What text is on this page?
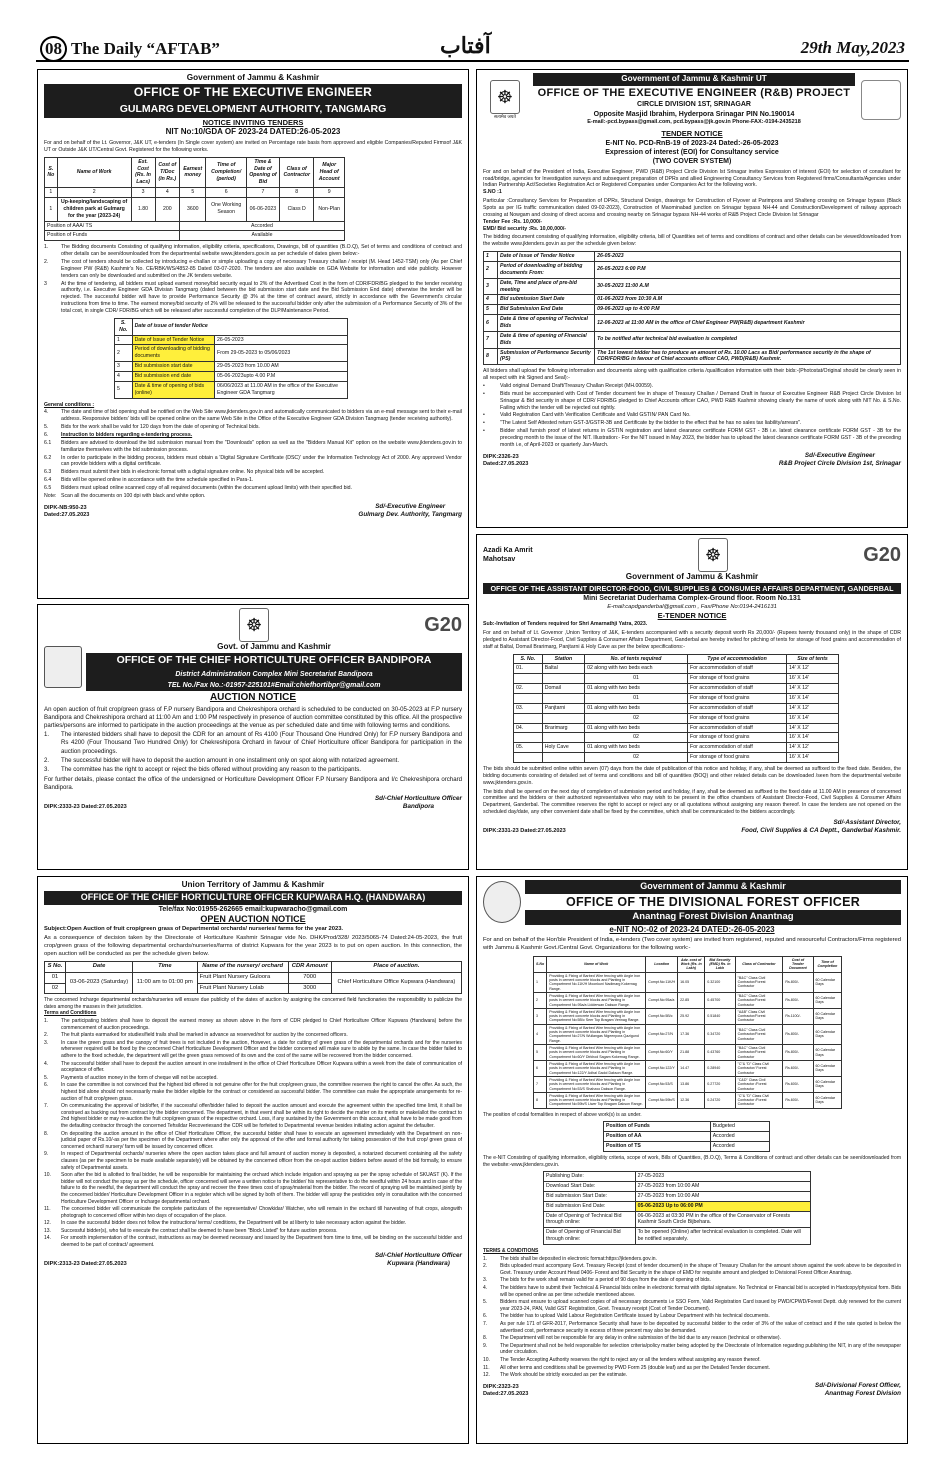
08 The Daily “AFTAB”	آفتاب	29th May,2023
Government of Jammu & Kashmir
OFFICE OF THE EXECUTIVE ENGINEER
GULMARG DEVELOPMENT AUTHORITY, TANGMARG
NOTICE INVITING TENDERS
NIT No:10/GDA OF 2023-24 DATED:26-05-2023
For and on behalf of the Lt. Governor, J&K UT, e-tenders (In Single cover system) are invited on Percentage rate basis from approved and eligible Companies/Reputed Firmsof J&K UT or Outside J&K UT/Central Govt. Registered for the following works.
S. No	Name of Work	Est. Cost (Rs. In Lacs)	Cost of T/Doc (in Rs.)	Earnest money	Time of Completion/ (period)	Time & Date of Opening of Bid	Class of Contractor	Major Head of Account
1	2	3	4	5	6	7	8	9
1	Up-keeping/landscaping of children park at Gulmarg for the year (2023-24)	1.80	200	3600	One Working Season	06-06-2023	Class D	Non-Plan
Position of AAA/ TS				Accorded				
Position of Funds				Available				
1.	The Bidding documents Consisting of qualifying information, eligibility criteria, specifications, Drawings, bill of quantities (B.O.Q), Set of terms and conditions of contract and other details can be seen/downloaded from the departmental website www.jktenders.gov.in as per schedule of dates given below:-
2.	The cost of tenders should be collected by introducing e-challan or simple uploading a copy of necessary Treasury challan / receipt (M. Head 1452-TSM) only (As per Chief Engineer PW (R&B) Kashmir's No. CE/RBK/WS/4852-85 Dated 03-07-2020. The tenders are also available on GDA Website for information and vide publicity. However tenders can only be downloaded and submitted on the JK tenders website.
3	At the time of tendering, all bidders must upload earnest money/bid security equal to 2% of the Advertised Cost in the form of CDR/FDR/BG pledged to the tender receiving authority, i.e. Executive Engineer GDA Divisian Tangmarg (dated between the bid submission start date and the Bid Submission End date) otherwise the tender will be rejected. The successful bidder will have to provide Performance Security @ 3% at the time of contract award, strictly in accordance with the Government's circular instructions from time to time. The earnest money/bid security of 2% will be released to the successful bidder only after the submission of a Performance Security of 3% of the total cost, in single CDR/ FDR/BG which will be released after successful completion of the DLP/Maintenance Period.
S. No.	Date of issue of tender Notice	
1	Date of Issue of Tender Notice	26-05-2023
2	Period of downloading of bidding documents	From 29-05-2023 to 05/06/2023
3	Bid submission start date	29-05-2023 from 10.00 AM
4	Bid submission end date	05-06-2023upto 4.00 P.M
5	Date & time of opening of bids (online)	06/06/2023 at 11.00 AM in the office of the Executive Engineer GDA Tangmarg
General conditions :
4.	The date and time of bid opening shall be notified on the Web Site www.jktenders.gov.in and automatically communicated to bidders via an e-mail message sent to their e-mail address. Responsive bidders' bids will be opened online on the same Web Site in the Office of the Executive Engineer GDA Division Tangmarg (tender receiving authority).
5.	Bids for the work shall be valid for 120 days from the date of opening of Technical bids.
6.	Instruction to bidders regarding e-tendering process.
6.1	Bidders are advised to download the bid submission manual from the "Downloads" option as well as the "Bidders Manual Kit" option on the website www.jktenders.gov.in to familiarize themselves with the bid submission process.
6.2	In order to participate in the bidding process, bidders must obtain a 'Digital Signature Certificate (DSC)' under the Information Technology Act of 2000. Any approved Vendor can provide bidders with a digital certificate.
6.3	Bidders must submit their bids in electronic format with a digital signature online. No physical bids will be accepted.
6.4	Bids will be opened online in accordance with the time schedule specified in Para-1.
6.5	Bidders must upload online scanned copy of all required documents (within the document upload limits) with their specified bid.
Note: Scan all the documents on 100 dpi with black and white option.
DIPK-NB:950-23
Dated:27.05.2023
Sd/-Executive Engineer
Gulmarg Dev. Authority, Tangmarg
☸
सत्यमेव जयते
Government of Jammu & Kashmir UT
OFFICE OF THE EXECUTIVE ENGINEER (R&B) PROJECT
CIRCLE DIVISION 1ST, SRINAGAR
Opposite Masjid Ibrahim, Hyderpora Srinagar PIN No.190014
E-mail:-pcd.bypass@gmail.com, pcd.bypass@jk.gov.in Phone-FAX:-0194-2435218
TENDER NOTICE
E-NIT No. PCD-RnB-19 of 2023-24 Dated:-26-05-2023
Expression of interest (EOI) for Consultancy service
(TWO COVER SYSTEM)
For and on behalf of the President of India, Executive Engineer, PWD (R&B) Project Circle Division Ist Srinagar invites Expression of interest (EOI) for selection of consultant for road/bridge, agencies for Investigation surveys and subsequent preparation of DPRs and allied Engineering Consultancy Services from Registered firms/Consultants/Agencies under Indian Partnership Act/Societies Registration Act or Registered Companies under Companies Act for the following work.
S.NO :1
Particular :Consultancy Services for Preparation of DPRs, Structural Design, drawings for Construction of Flyover at Parimpora and Shalteng crossing on Srinagar bypass (Black Spots as per IG traffic communication dated 09-02-2023), Construction of Maominabad junction on Srinagar bypass NH-44 and Construction/Development of railway approach crossing at Nowgam and closing of direct access and crossing nearby on Srinagar bypass NH-44 works of R&B Project Circle Division Ist Srinagar
Tender Fee :Rs. 10,000/-
EMD/ Bid security :Rs. 10,00,000/-
The bidding document consisting of qualifying information, eligibility criteria, bill of Quantities set of terms and conditions of contract and other details can be viewed/downloaded from the website www.jktenders.gov.in as per the schedule given below:
1	Date of Issue of Tender Notice	26-05-2023
2	Period of downloading of bidding documents From:	26-05-2023 6:00 P.M
3	Date, Time and place of pre-bid meeting	30-05-2023 11:00 A.M
4	Bid submission Start Date	01-06-2023 from 10:30 A.M
5	Bid Submission End Date	09-06-2023 up to 4:00 P.M
6	Date & time of opening of Technical Bids	12-06-2023 at 11:00 AM in the office of Chief Engineer PW(R&B) department Kashmir
7	Date & time of opening of Financial Bids	To be notified after technical bid evaluation is completed
8	Submission of Performance Security (PS)	The 1st lowest bidder has to produce an amount of Rs. 10.00 Lacs as Bid/ performance security in the shape of CDR/FDR/BG in favour of Chief accounts officer CAO, PWD(R&B) Kashmir.
All bidders shall upload the following information and documents along with qualification criteria /qualification information with their bids:-(Photostat/Original should be clearly seen in all respect with ink Signed and Seal):-
•	Valid original Demand Draft/Treasury Challan Receipt (MH.00059).
•	Bids must be accompanied with Cost of Tender document fee in shape of Treasury Challan / Demand Draft in favour of Executive Engineer R&B Project Circle Division Ist Srinagar & Bid security in shape of CDR/ FDR/BG pledged to Chief Accounts officer CAO, PWD R&B Kashmir showing clearly the name of work along with NIT No. & S.No. Failing which the tender will be rejected out rightly.
•	Valid Registration Card with Verification Certificate and Valid GSTIN/ PAN Card No.
•	"The Latest Self Attested return GST-3/GSTR-3B and Certificate by the bidder to the effect that he has no sales tax liability/arrears".
•	Bidder shall furnish proof of latest returns in GSTIN registration and latest clearance certificate FORM GST - 3B i.e. latest clearance certificate FORM GST - 3B for the preceding month to the issue of the NIT. Illustration:- For the NIT issued in May 2023, the bidder has to upload the latest clearance certificate FORM GST - 3B of the preceding month i.e, of April-2023 or quarterly Jan-March.
DIPK:2326-23
Dated:27.05.2023
Sd/-Executive Engineer
R&B Project Circle Division 1st, Srinagar
Azadi Ka Amrit Mahotsav	☸	G20
Government of Jammu & Kashmir
OFFICE OF THE ASSISTANT DIRECTOR-FOOD, CIVIL SUPPLIES & CONSUMER AFFAIRS DEPARTMENT, GANDERBAL
Mini Secretariat Duderhama Complex-Ground floor. Room No.131
E-mail:capdganderbal@gmail.com , Fax/Phone No:0194-2416131
E-TENDER NOTICE
Sub:-Invitation of Tenders required for Shri Amarnathji Yatra, 2023.
For and on behalf of Lt. Governor ,Union Territory of J&K, E-tenders accompanied with a security deposit worth Rs 20,000/- (Rupees twenty thousand only) in the shape of CDR pledged to Assistant Director-Food, Civil Supplies & Consumer Affairs Department, Ganderbal are hereby invited for pitching of tents for storage of food grains and accommodation of staff at Baltal, Domail Brarimarg, Panjtarni & Holy Cave as per the below specifications:-
S. No.	Station	No. of tents required	Type of accommodation	Size of tents
01.	Baltal	02 along with two beds each	For accommodation of staff	14' X 12'
		01	For storage of food grains	16' X 14'
02.	Domail	01 along with two beds	For accommodation of staff	14' X 12'
		01	For storage of food grains	16' X 14'
03.	Panjtarni	01 along with two beds	For accommodation of staff	14' X 12'
		02	For storage of food grains	16' X 14'
04.	Brarimarg	01 along with two beds	For accommodation of staff	14' X 12'
		02	For storage of food grains	16' X 14'
05.	Holy Cave	01 along with two beds	For accommodation of staff	14' X 12'
		02	For storage of food grains	16' X 14'
The bids should be submitted online within seven (07) days from the date of publication of this notice and holiday, if any, shall be deemed as suffixed to the fixed date. Besides, the bidding documents consisting of detailed set of terms and conditions and bill of quantities (BOQ) and other related details can be downloaded /seen from the departmental website www.jktenders.gov.in.
The bids shall be opened on the next day of completion of submission period and holiday, if any, shall be deemed as suffixed to the fixed date at 11.00 AM in presence of concerned committee and the bidders or their authorized representatives who may wish to be present in the office chambers of Assistant Director-Food, Civil Supplies & Consumer Affairs Department, Ganderbal. The committee reserves the right to accept or reject any or all quotations without assigning any reason thereof. In case the tenders are not opened on the scheduled day/date, any other convenient date shall be fixed by the committee, which shall be communicated to the bidders accordingly.
DIPK:2331-23 Dated:27.05.2023
Sd/-Assistant Director,
Food, Civil Supplies & CA Deptt., Ganderbal Kashmir.
☸	G20
Govt. of Jammu and Kashmir
OFFICE OF THE CHIEF HORTICULTURE OFFICER BANDIPORA
District Administration Complex Mini Secretariat Bandipora
TEL No./Fax No.:-01957-225101#Email:chiefhortibpr@gmail.com
AUCTION NOTICE
An open auction of fruit crop/green grass of F.P nursery Bandipora and Chekreshipora orchard is scheduled to be conducted on 30-05-2023 at F.P nursery Bandipora and Chekreshipora orchard at 11:00 Am and 1:00 PM respectively in presence of auction committee constituted by this office. All the prospective parties/persons are informed to participate in the auction proceedings at the venue as per scheduled date and time with following terms and conditions.
1.	The interested bidders shall have to deposit the CDR for an amount of Rs 4100 (Four Thousand One Hundred Only) for F.P nursery Bandipora and Rs 4200 (Four Thousand Two Hundred Only) for Chekreshipora Orchard in favour of Chief Horticulture officer Bandipora for participation in the auction proceedings.
2.	The successful bidder will have to deposit the auction amount in one installment only on spot along with notarized agreement.
3.	The committee has the right to accept or reject the bids offered without providing any reason to the participants.
For further details, please contact the office of the undersigned or Horticulture Development Officer F.P Nursery Bandipora and I/c Chekreshipora orchard Bandipora.
DIPK:2333-23 Dated:27.05.2023
Sd/-Chief Horticulture Officer
Bandipora
Union Territory of Jammu & Kashmir
OFFICE OF THE CHIEF HORTICULTURE OFFICER KUPWARA H.Q. (HANDWARA)
Tele/fax No:01955-262665 email:kupwaracho@gmail.com
OPEN AUCTION NOTICE
Subject:Open Auction of fruit crop/green grass of Departmental orchards/ nurseries/ farms for the year 2023.
As a consequence of decision taken by the Directorate of Horticulture Kashmir Srinagar vide No. DHK/Prod/328/ 2023/5065-74 Dated:24-05-2023, the fruit crop/green grass of the following departmental orchards/nurseries/farms of district Kupwara for the year 2023 is to put on open auction. In this connection, the open auction will be conducted as per the schedule given below.
S No.	Date	Time	Name of the nursery/ orchard	CDR Amount	Place of auction.
01	03-06-2023 (Saturday)	11:00 am to 01:00 pm	Fruit Plant Nursery Guloora	7000	Chief Horticulture Office Kupwara (Handwara)
02			Fruit Plant Nursery Lolab	3000	
The concerned Incharge departmental orchards/nurseries will ensure due publicity of the dates of auction by assigning the concerned field functionaries the responsibility to publicize the dates among the masses in their jurisdiction.
Terms and Conditions
1.	The participating bidders shall have to deposit the earnest money as shown above in the form of CDR pledged to Chief Horticulture Officer Kupwara (Handwara) before the commencement of auction proceedings.
2.	The fruit plants earmarked for studies/field trails shall be marked in advance as reserved/not for auction by the concerned officers.
3.	In case the green grass and the canopy of fruit trees is not included in the auction, However, a date for cutting of green grass of the departmental orchards and for the nurseries whenever required will be fixed by the concerned Chief Horticulture Development Officer and the bidder concerned will make sure to abide by the same. In case the bidder failed to adhere to the fixed schedule, the department will get the green grass removed of its own and the cost of the same will be recovered from the bidder concerned.
4.	The successful bidder shall have to deposit the auction amount in one installment in the office of Chief Horticulture Officer Kupwara within a week from the date of communication of acceptance of offer.
5.	Payments of auction money in the form of cheque will not be accepted.
6.	In case the committee is not convinced that the highest bid offered is not genuine offer for the fruit crop/green grass, the committee reserves the right to cancel the offer. As such, the highest bid alone should not necessarily make the bidder eligible for the contract or considered as successful bidder. The committee can make the appropriate arrangements for re-auction of fruit crop/green grass.
7.	On communicating the approval of bid/offer, if the successful offer/bidder failed to deposit the auction amount and execute the agreement within the specified time limit, it shall be construed as backing out from contract by the bidder concerned. The department, in that event shall be within its right to decide the matter on its merits or make/allot the contract to 2nd highest bidder or may re-auction the fruit crop/green grass of the respective orchard. Loss, if any sustained by the Government on this account, shall have to be made good from the defaulting contractor through the concerned Tehsildar Recoveriesand the CDR will be forfeited to Departmental revenue besides initiating action against the defaulter.
8.	On depositing the auction amount in the office of Chief Horticulture Officer, the successful bidder shall have to execute an agreement immediately with the Department on non-judicial paper of Rs.10/-as per the specimen of the Department where after only the approval of the offer and formal authority for taking possession of the fruit crop/ green grass of concerned orchard/ nursery/ farm will be issued by concerned officer.
9.	In respect of Departmental orchards/ nurseries where the open auction takes place and full amount of auction money is deposited, a notarized document containing all the safety clauses (as per the specimen to be made available separately) will be obtained by the concerned officer from the on-spot auction bidders before award of the bid formally, to ensure safety of Departmental assets.
10.	Soon after the bid is allotted to final bidder, he will be responsible for maintaining the orchard which include irrigation and spraying as per the spray schedule of SKUAST (K). If the bidder will not conduct the spray as per the schedule, officer concerned will serve a written notice to the bidder/ his representative to do the needful within 24 hours and in case of the failure to do the needful, the department will conduct the spray and recover the three times cost of spray/material from the bidder. The record of spraying will be maintained jointly by the concerned bidder/ Horticulture Development Officer in a register which will be signed by both of them. The bidder will spray the pesticides only in consultation with the concerned Horticulture Development Officer or Incharge departmental orchard.
11.	The concerned bidder will communicate the complete particulars of the representative/ Chowkidar/ Watcher, who will remain in the orchard till harvesting of fruit crops, alongwith photograph to concerned officer within two days of occupation of the place.
12.	In case the successful bidder does not follow the instructions/ terms/ conditions, the Department will be at liberty to take necessary action against the bidder.
13.	Successful bidder(s), who fail to execute the contract shall be deemed to have been "Block Listed" for future auction process.
14.	For smooth implementation of the contract, instructions as may be deemed necessary and issued by the Department from time to time, will be binding on the successful bidder and deemed to be part of contract/ agreement.
DIPK:2313-23 Dated:27.05.2023
Sd/-Chief Horticulture Officer
Kupwara (Handwara)
Government of Jammu & Kashmir
OFFICE OF THE DIVISIONAL FOREST OFFICER
Anantnag Forest Division Anantnag
e-NIT NO:-02 of 2023-24 DATED:-26-05-2023
For and on behalf of the Hon'ble President of India, e-tenders (Two cover system) are invited from registered, reputed and resourceful Contractors/Firms registered with Jammu & Kashmir Govt./Central Govt. Organizations for the following work:-
S.No	Name of Work	Location	Adv. cost of Work (Rs. in Lakh)	Bid Security (EMD) Rs. in Lakh	Class of Contractor	Cost of Tender Document	Time of Completion
1	Providing & Fixing of Barbed Wire fencing with Angle Iron posts in cement concrete blocks and Planting in Compartment No.11K/H Moonkuni Nadimarg Kokernag Range.	Compt.No:11K/H	16.05	0.32100	"B&C" Class Civil Contractor/Forest Contractor	Rs.800/-	60 Calendar Days
2	Providing & Fixing of Barbed Wire fencing with Angle Iron posts in cement concrete blocks and Planting in Compartment No.95a/a Lidderwan Dakson Range.	Compt.No:95a/a	22.85	0.45700	"B&C" Class Civil Contractor/Forest Contractor	Rs.800/-	60 Calendar Days
3	Providing & Fixing of Barbed Wire fencing with Angle Iron posts in cement concrete blocks and Planting in Compartment No:5B/c Seer Top Bragam Verinag Range.	Compt.No:5B/c	25.92	0.51840	"A&B" Class Civil Contractor/Forest Contractor	Rs.1100/-	60 Calendar Days
4	Providing & Fixing of Barbed Wire fencing with Angle Iron posts in cement concrete blocks and Planting in Compartment No:27/N Wullangas Nigeenpora Qazigund Range.	Compt.No:27/N	17.36	0.34720	"B&C" Class Civil Contractor/Forest Contractor	Rs.800/-	60 Calendar Days
5	Providing & Fixing of Barbed Wire fencing with Angle Iron posts in cement concrete blocks and Planting in Compartment No:60/Y Dirkhod Sagam Kokernag Range.	Compt.No:60/Y	21.88	0.43760	"B&C" Class Civil Contractor/Forest Contractor	Rs.800/-	60 Calendar Days
6	Providing & Fixing of Barbed Wire fencing with Angle Iron posts in cement concrete blocks and Planting in Compartment No:122/Y Adhal Gadol Dakson Range.	Compt.No:122/Y	14.47	0.28940	"C"& "D" Class Civil Contractor/ Forest Contractor	Rs.600/-	60 Calendar Days
7	Providing & Fixing of Barbed Wire fencing with Angle Iron posts in cement concrete blocks and Planting in Compartment No:53/S Shahzoo Dakson Range.	Compt.No:53/S	13.86	0.27720	"C&D" Class Civil Contractor /Forest Contractor	Rs.600/-	60 Calendar Days
8	Providing & Fixing of Barbed Wire fencing with Angle Iron posts in cement concrete blocks and Planting in Compartment No:59b/S Liwer Top Bragam Dakson Range.	Compt.No:59b/S	12.36	0.24720	"C"& "D" Class Civil Contractor /Forest Contractor	Rs.600/-	60 Calendar Days
The position of codal formalities in respect of above work(s) is as under.
Position of Funds	Budgeted
Position of AA	Accorded
Position of TS	Accorded
The e-NIT Consisting of qualifying information, eligibility criteria, scope of work, Bills of Quantities, (B.O.Q), Terms & Conditions of contract and other details can be seen/downloaded from the website:-www.jktenders.gov.in.
Publishing Date:	27-05-2023
Download Start Date:	27-05-2023 from 10:00 AM
Bid submission Start Date:	27-05-2023 from 10:00 AM
Bid submission End Date:	05-06-2023 Up to 06:00 PM
Date of Opening of Technical Bid through online:	06-06-2023 at 03:30 PM in the office of the Conservator of Forests Kashmir South Circle Bijbehara.
Date of Opening of Financial Bid through online:	To be opened (Online) after technical evaluation is completed. Date will be notified separately.
TERMS & CONDITIONS
1.	The bids shall be deposited in electronic format:https://jktenders.gov.in.
2.	Bids uploaded must accompany Govt. Treasury Receipt (cost of tender document) in the shape of Treasury Challan for the amount shown against the work above to be deposited in Govt. Treasury under Account Head 0406- Forest and Bid Security in the shape of EMD for requisite amount and pledged to Divisional Forest Officer Anantnag.
3.	The bids for the work shall remain valid for a period of 90 days from the date of opening of bids.
4.	The bidders have to submit their Technical & Financial bids online in electronic format with digital signature. No Technical or Financial bid is accepted in Hardcopy/physical form. Bids will be opened online as per time schedule mentioned above.
5.	Bidders must ensure to upload scanned copies of all necessary documents i.e SSO Form, Valid Registration Card issued by PWD/CPWD/Forest Deptt. duly renewed for the current year 2023-24, PAN, Valid GST Registration, Govt. Treasury receipt (Cost of Tender Document).
6.	The bidder has to upload Valid Labour Registration Certificate issued by Labour Department with his technical documents.
7.	As per rule 171 of GFR-2017, Performance Security shall have to be deposited by successful bidder to the order of 3% of the value of contract and if the rate quoted is below the advertised cost, performance security in excess of three percent may also be demanded.
8.	The Department will not be responsible for any delay in online submission of the bid due to any reason (technical or otherwise).
9.	The Department shall not be held responsible for selection criteria/policy matter being adopted by the Directorate of Information regarding publishing the NIT, in any of the newspaper under circulation.
10.	The Tender Accepting Authority reserves the right to reject any or all the tenders without assigning any reason thereof.
11.	All other terms and conditions shall be governed by PWD Form 25 (double leaf) and as per the Detailed Tender document.
12.	The Work should be strictly executed as per the estimate.
DIPK:2323-23
Dated:27.05.2023
Sd/-Divisional Forest Officer,
Anantnag Forest Division
